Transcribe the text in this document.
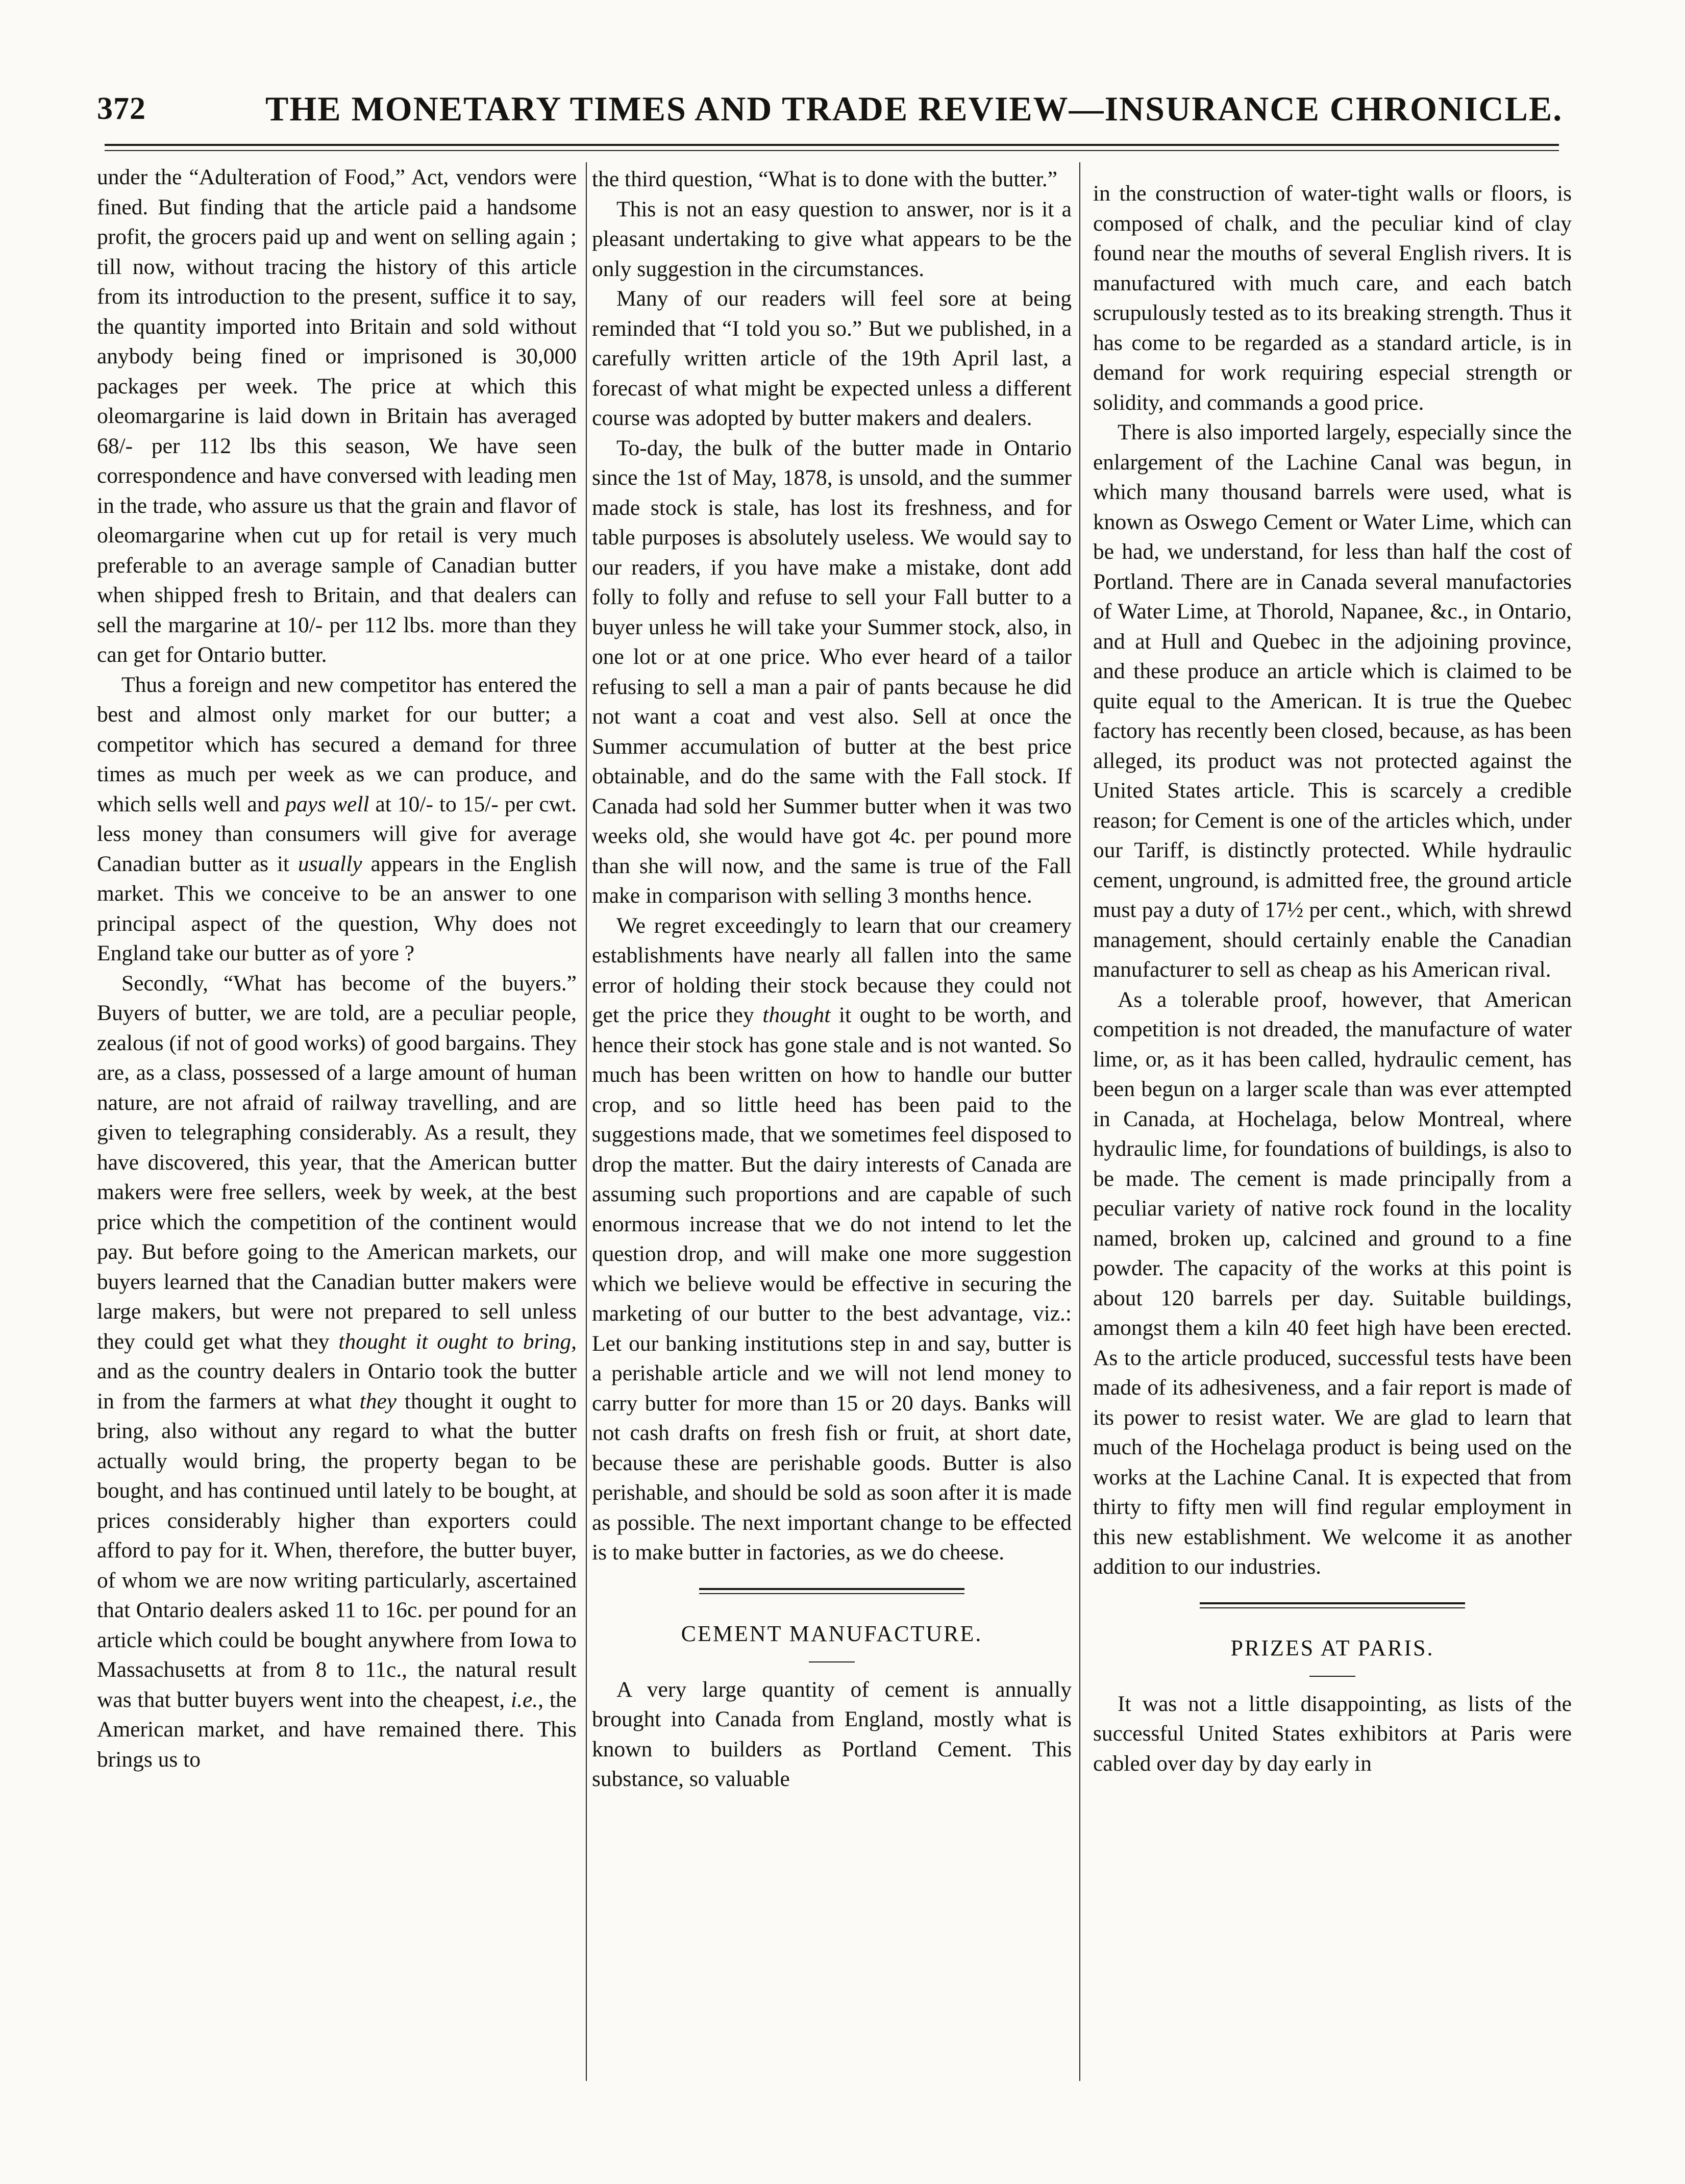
372	THE MONETARY TIMES AND TRADE REVIEW—INSURANCE CHRONICLE.

under the “Adulteration of Food,” Act, vendors were fined. But finding that the article paid a handsome profit, the grocers paid up and went on selling again ; till now, without tracing the history of this article from its introduction to the present, suffice it to say, the quantity imported into Britain and sold without anybody being fined or imprisoned is 30,000 packages per week. The price at which this oleomargarine is laid down in Britain has averaged 68/- per 112 lbs this season, We have seen correspondence and have conversed with leading men in the trade, who assure us that the grain and flavor of oleomargarine when cut up for retail is very much preferable to an average sample of Canadian butter when shipped fresh to Britain, and that dealers can sell the margarine at 10/- per 112 lbs. more than they can get for Ontario butter.

Thus a foreign and new competitor has entered the best and almost only market for our butter; a competitor which has secured a demand for three times as much per week as we can produce, and which sells well and pays well at 10/- to 15/- per cwt. less money than consumers will give for average Canadian butter as it usually appears in the English market. This we conceive to be an answer to one principal aspect of the question, Why does not England take our butter as of yore ?

Secondly, “What has become of the buyers.” Buyers of butter, we are told, are a peculiar people, zealous (if not of good works) of good bargains. They are, as a class, possessed of a large amount of human nature, are not afraid of railway travelling, and are given to telegraphing considerably. As a result, they have discovered, this year, that the American butter makers were free sellers, week by week, at the best price which the competition of the continent would pay. But before going to the American markets, our buyers learned that the Canadian butter makers were large makers, but were not prepared to sell unless they could get what they thought it ought to bring, and as the country dealers in Ontario took the butter in from the farmers at what they thought it ought to bring, also without any regard to what the butter actually would bring, the property began to be bought, and has continued until lately to be bought, at prices considerably higher than exporters could afford to pay for it. When, therefore, the butter buyer, of whom we are now writing particularly, ascertained that Ontario dealers asked 11 to 16c. per pound for an article which could be bought anywhere from Iowa to Massachusetts at from 8 to 11c., the natural result was that butter buyers went into the cheapest, i.e., the American market, and have remained there. This brings us to

the third question, “What is to done with the butter.”

This is not an easy question to answer, nor is it a pleasant undertaking to give what appears to be the only suggestion in the circumstances.

Many of our readers will feel sore at being reminded that “I told you so.” But we published, in a carefully written article of the 19th April last, a forecast of what might be expected unless a different course was adopted by butter makers and dealers.

To-day, the bulk of the butter made in Ontario since the 1st of May, 1878, is unsold, and the summer made stock is stale, has lost its freshness, and for table purposes is absolutely useless. We would say to our readers, if you have make a mistake, dont add folly to folly and refuse to sell your Fall butter to a buyer unless he will take your Summer stock, also, in one lot or at one price. Who ever heard of a tailor refusing to sell a man a pair of pants because he did not want a coat and vest also. Sell at once the Summer accumulation of butter at the best price obtainable, and do the same with the Fall stock. If Canada had sold her Summer butter when it was two weeks old, she would have got 4c. per pound more than she will now, and the same is true of the Fall make in comparison with selling 3 months hence.

We regret exceedingly to learn that our creamery establishments have nearly all fallen into the same error of holding their stock because they could not get the price they thought it ought to be worth, and hence their stock has gone stale and is not wanted. So much has been written on how to handle our butter crop, and so little heed has been paid to the suggestions made, that we sometimes feel disposed to drop the matter. But the dairy interests of Canada are assuming such proportions and are capable of such enormous increase that we do not intend to let the question drop, and will make one more suggestion which we believe would be effective in securing the marketing of our butter to the best advantage, viz.: Let our banking institutions step in and say, butter is a perishable article and we will not lend money to carry butter for more than 15 or 20 days. Banks will not cash drafts on fresh fish or fruit, at short date, because these are perishable goods. Butter is also perishable, and should be sold as soon after it is made as possible. The next important change to be effected is to make butter in factories, as we do cheese.

CEMENT MANUFACTURE.

A very large quantity of cement is annually brought into Canada from England, mostly what is known to builders as Portland Cement. This substance, so valuable

in the construction of water-tight walls or floors, is composed of chalk, and the peculiar kind of clay found near the mouths of several English rivers. It is manufactured with much care, and each batch scrupulously tested as to its breaking strength. Thus it has come to be regarded as a standard article, is in demand for work requiring especial strength or solidity, and commands a good price.

There is also imported largely, especially since the enlargement of the Lachine Canal was begun, in which many thousand barrels were used, what is known as Oswego Cement or Water Lime, which can be had, we understand, for less than half the cost of Portland. There are in Canada several manufactories of Water Lime, at Thorold, Napanee, &c., in Ontario, and at Hull and Quebec in the adjoining province, and these produce an article which is claimed to be quite equal to the American. It is true the Quebec factory has recently been closed, because, as has been alleged, its product was not protected against the United States article. This is scarcely a credible reason; for Cement is one of the articles which, under our Tariff, is distinctly protected. While hydraulic cement, unground, is admitted free, the ground article must pay a duty of 17½ per cent., which, with shrewd management, should certainly enable the Canadian manufacturer to sell as cheap as his American rival.

As a tolerable proof, however, that American competition is not dreaded, the manufacture of water lime, or, as it has been called, hydraulic cement, has been begun on a larger scale than was ever attempted in Canada, at Hochelaga, below Montreal, where hydraulic lime, for foundations of buildings, is also to be made. The cement is made principally from a peculiar variety of native rock found in the locality named, broken up, calcined and ground to a fine powder. The capacity of the works at this point is about 120 barrels per day. Suitable buildings, amongst them a kiln 40 feet high have been erected. As to the article produced, successful tests have been made of its adhesiveness, and a fair report is made of its power to resist water. We are glad to learn that much of the Hochelaga product is being used on the works at the Lachine Canal. It is expected that from thirty to fifty men will find regular employment in this new establishment. We welcome it as another addition to our industries.

PRIZES AT PARIS.

It was not a little disappointing, as lists of the successful United States exhibitors at Paris were cabled over day by day early in
